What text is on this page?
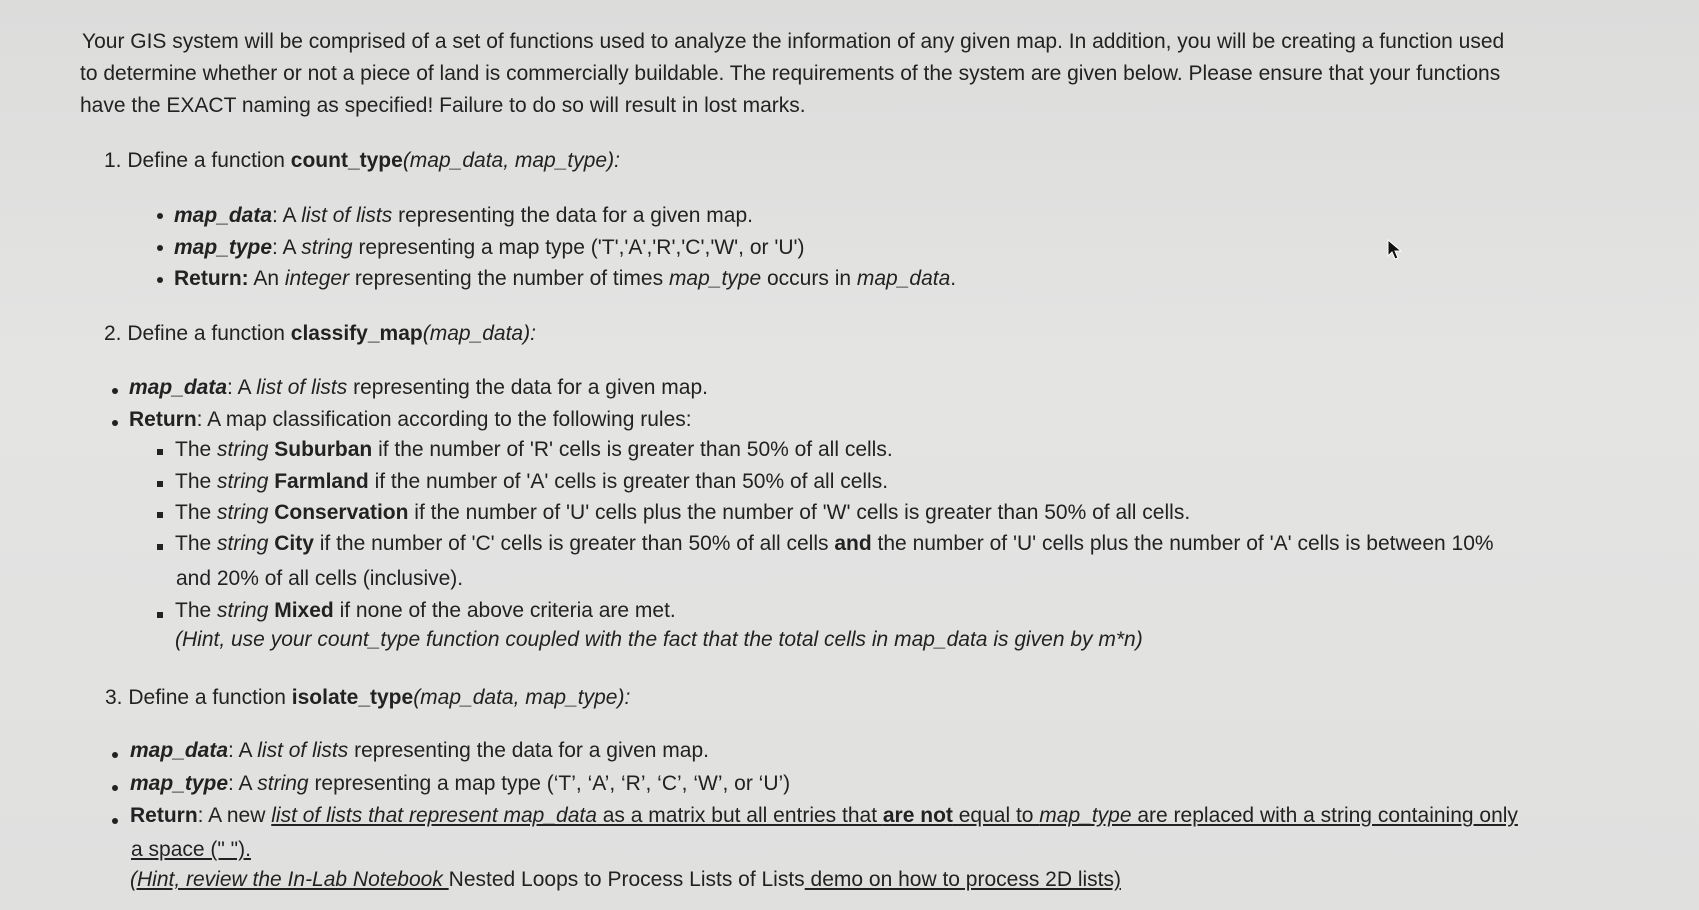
Your GIS system will be comprised of a set of functions used to analyze the information of any given map. In addition, you will be creating a function used
to determine whether or not a piece of land is commercially buildable. The requirements of the system are given below. Please ensure that your functions
have the EXACT naming as specified! Failure to do so will result in lost marks.
1. Define a function count_type(map_data, map_type):
map_data: A list of lists representing the data for a given map.
map_type: A string representing a map type ('T','A','R','C','W', or 'U')
Return: An integer representing the number of times map_type occurs in map_data.
2. Define a function classify_map(map_data):
map_data: A list of lists representing the data for a given map.
Return: A map classification according to the following rules:
The string Suburban if the number of 'R' cells is greater than 50% of all cells.
The string Farmland if the number of 'A' cells is greater than 50% of all cells.
The string Conservation if the number of 'U' cells plus the number of 'W' cells is greater than 50% of all cells.
The string City if the number of 'C' cells is greater than 50% of all cells and the number of 'U' cells plus the number of 'A' cells is between 10%
and 20% of all cells (inclusive).
The string Mixed if none of the above criteria are met.
(Hint, use your count_type function coupled with the fact that the total cells in map_data is given by m*n)
3. Define a function isolate_type(map_data, map_type):
map_data: A list of lists representing the data for a given map.
map_type: A string representing a map type (‘T’, ‘A’, ‘R’, ‘C’, ‘W’, or ‘U’)
Return: A new list of lists that represent map_data as a matrix but all entries that are not equal to map_type are replaced with a string containing only
a space (" ").
(Hint, review the In-Lab Notebook Nested Loops to Process Lists of Lists demo on how to process 2D lists)
